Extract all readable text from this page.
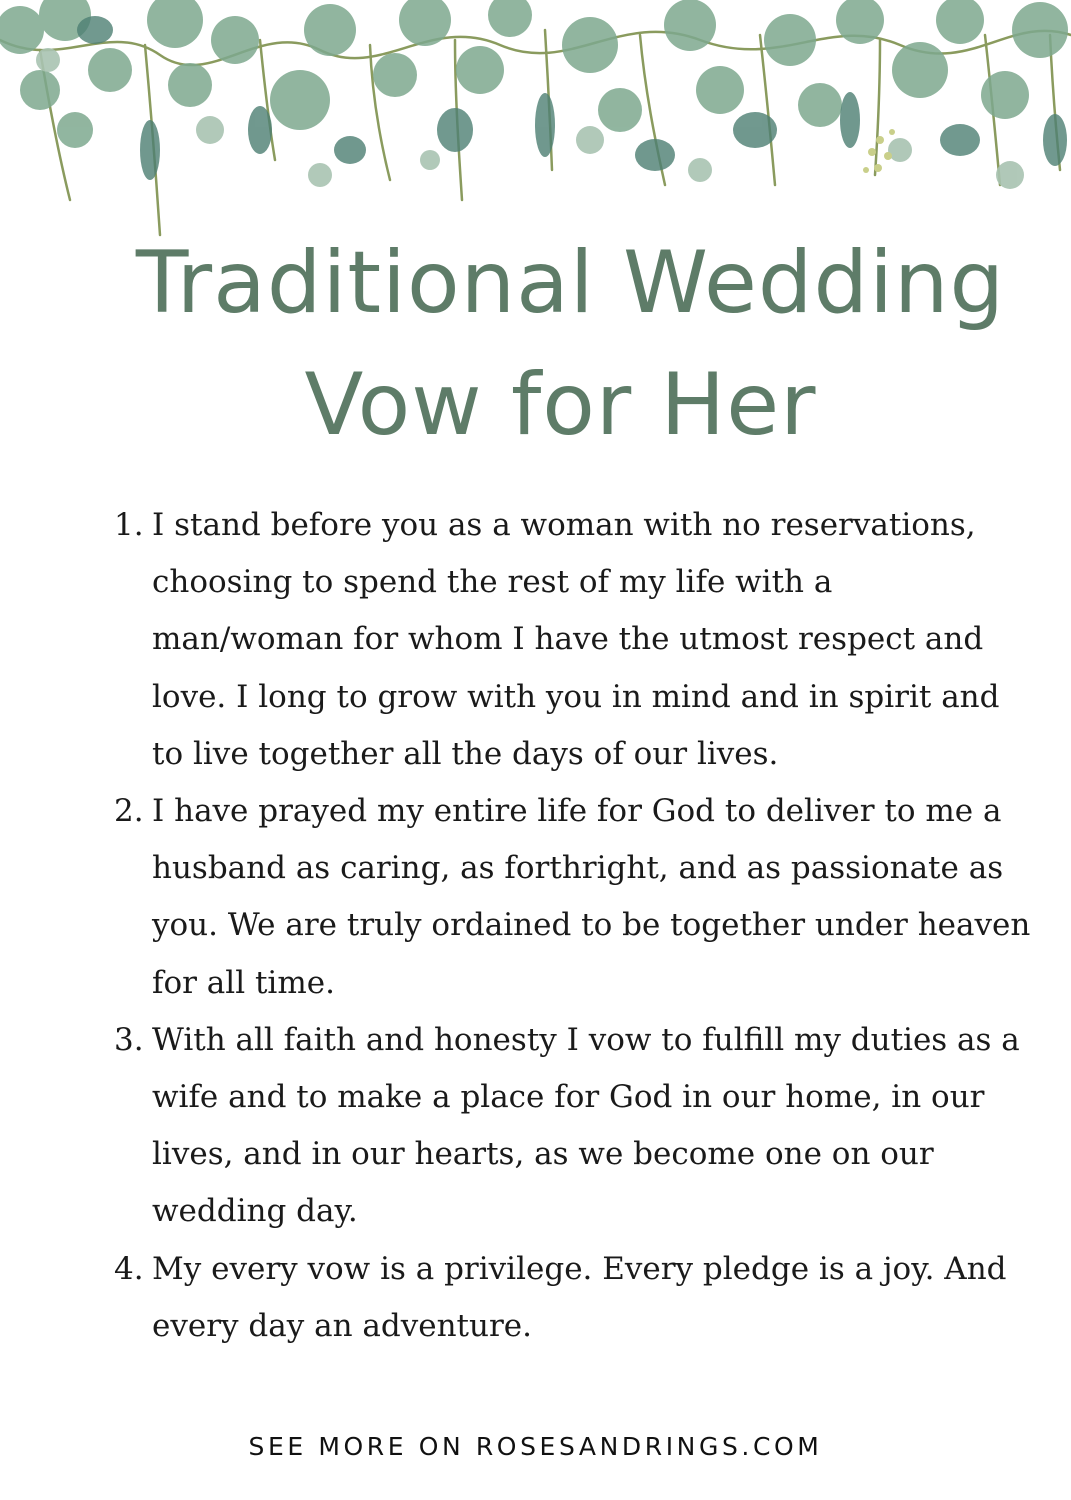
Traditional Wedding
Vow for Her
1. I stand before you as a woman with no reservations, choosing to spend the rest of my life with a man/woman for whom I have the utmost respect and love. I long to grow with you in mind and in spirit and to live together all the days of our lives.
2. I have prayed my entire life for God to deliver to me a husband as caring, as forthright, and as passionate as you. We are truly ordained to be together under heaven for all time.
3. With all faith and honesty I vow to fulfill my duties as a wife and to make a place for God in our home, in our lives, and in our hearts, as we become one on our wedding day.
4. My every vow is a privilege. Every pledge is a joy. And every day an adventure.
SEE MORE ON ROSESANDRINGS.COM
